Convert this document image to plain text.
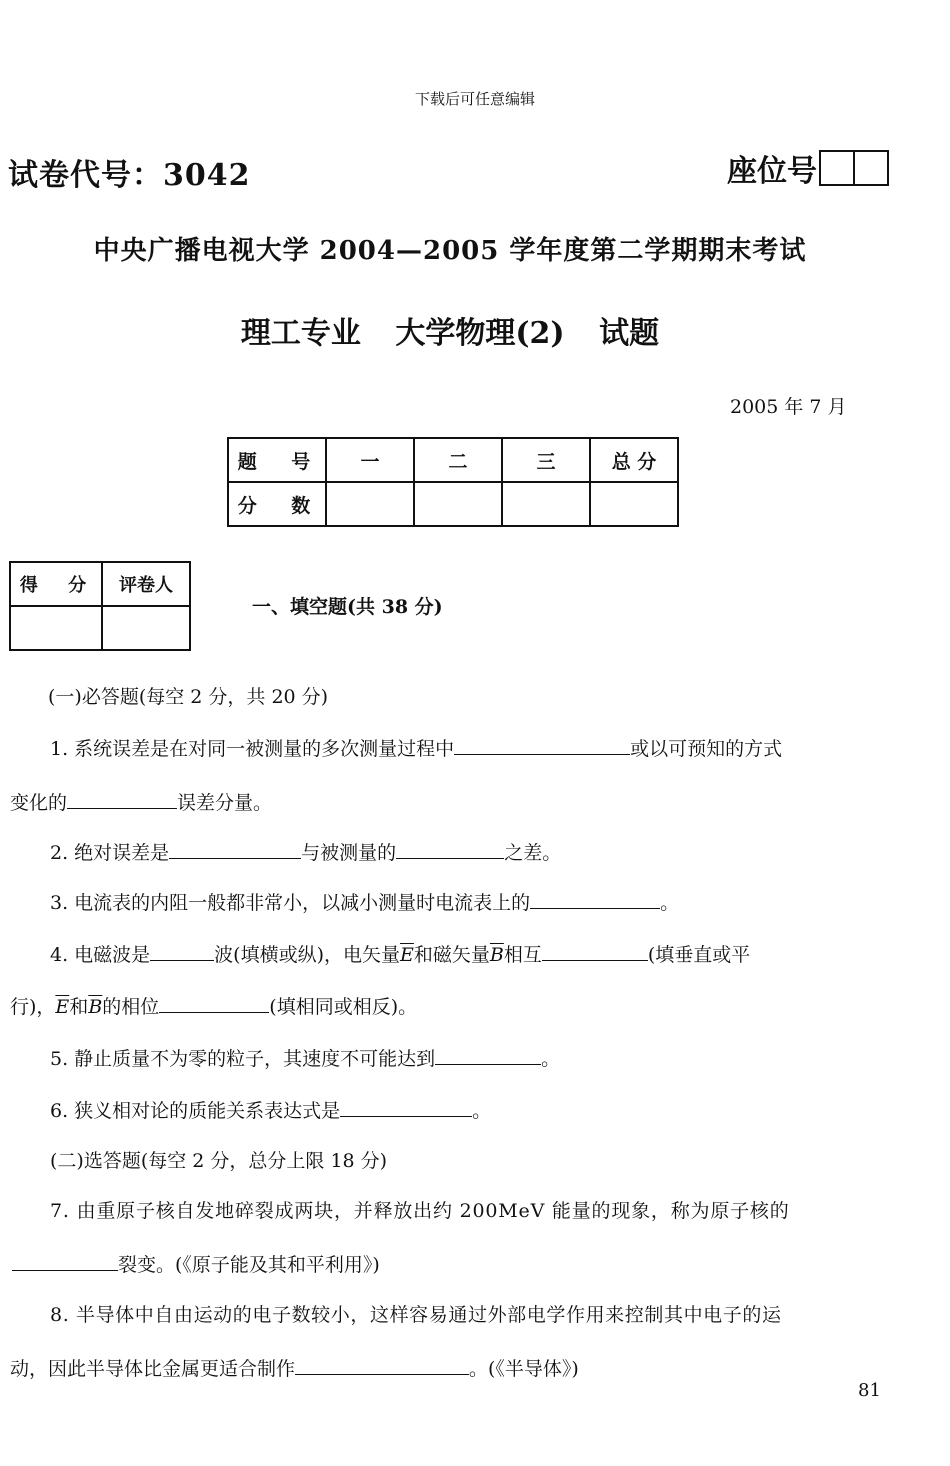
下载后可任意编辑
试卷代号：3042	座位号
中央广播电视大学 2004—2005 学年度第二学期期末考试
理工专业 大学物理(2) 试题
2005 年 7 月
题 号	一	二	三	总 分
分 数				
得 分	评卷人

一、填空题(共 38 分)
(一)必答题(每空 2 分，共 20 分)
1. 系统误差是在对同一被测量的多次测量过程中	或以可预知的方式
变化的	误差分量。
2. 绝对误差是	与被测量的	之差。
3. 电流表的内阻一般都非常小，以减小测量时电流表上的	。
4. 电磁波是	波(填横或纵)，电矢量$\overline{E}$和磁矢量$\overline{B}$相互	(填垂直或平
行)，$\overline{E}$和$\overline{B}$的相位	(填相同或相反)。
5. 静止质量不为零的粒子，其速度不可能达到	。
6. 狭义相对论的质能关系表达式是	。
(二)选答题(每空 2 分，总分上限 18 分)
7. 由重原子核自发地碎裂成两块，并释放出约 200MeV 能量的现象，称为原子核的
裂变。(《原子能及其和平利用》)
8. 半导体中自由运动的电子数较小，这样容易通过外部电学作用来控制其中电子的运
动，因此半导体比金属更适合制作	。(《半导体》)
81
